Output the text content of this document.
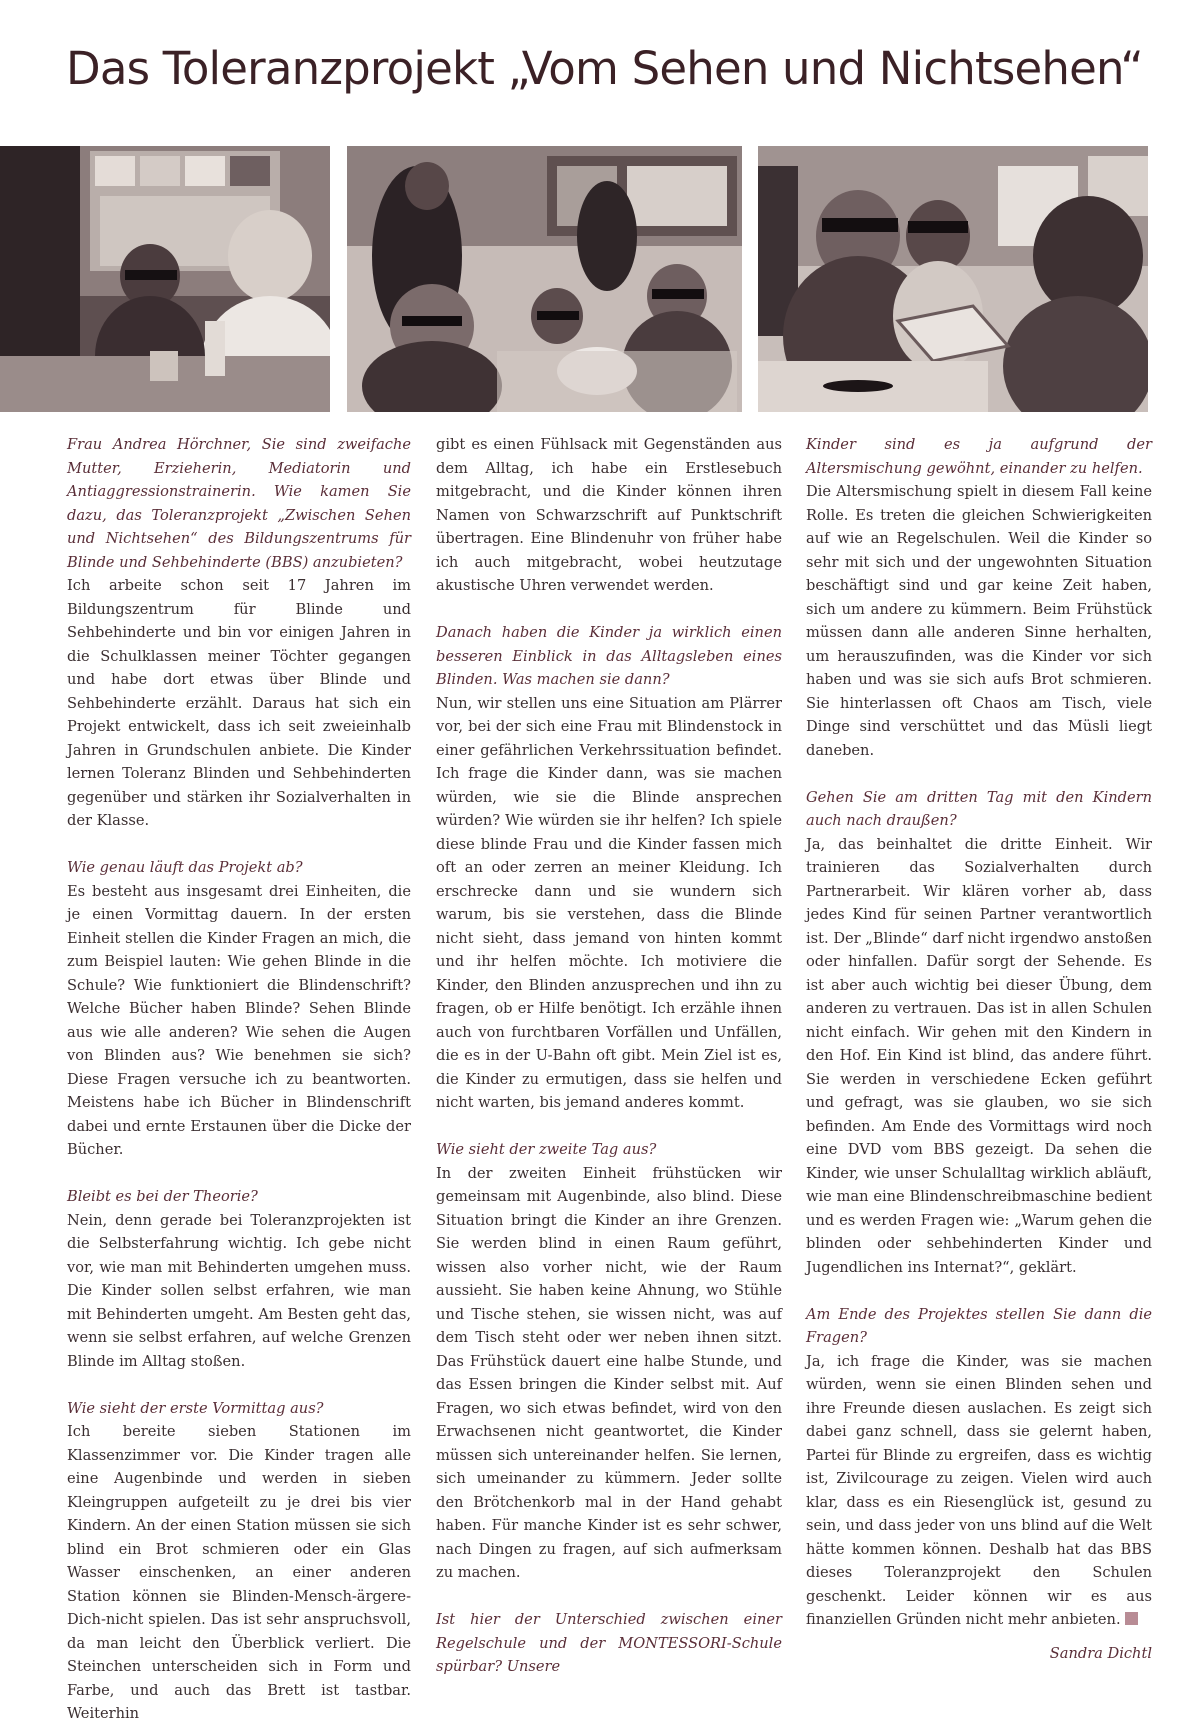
Das Toleranzprojekt „Vom Sehen und Nichtsehen“

Frau Andrea Hörchner, Sie sind zweifache Mutter, Erzieherin, Mediatorin und Antiaggressionstrainerin. Wie kamen Sie dazu, das Toleranzprojekt „Zwischen Sehen und Nichtsehen“ des Bildungszentrums für Blinde und Sehbehinderte (BBS) anzubieten?

Ich arbeite schon seit 17 Jahren im Bildungszentrum für Blinde und Sehbehinderte und bin vor einigen Jahren in die Schulklassen meiner Töchter gegangen und habe dort etwas über Blinde und Sehbehinderte erzählt. Daraus hat sich ein Projekt entwickelt, dass ich seit zweieinhalb Jahren in Grundschulen anbiete. Die Kinder lernen Toleranz Blinden und Sehbehinderten gegenüber und stärken ihr Sozialverhalten in der Klasse.

Wie genau läuft das Projekt ab?

Es besteht aus insgesamt drei Einheiten, die je einen Vormittag dauern. In der ersten Einheit stellen die Kinder Fragen an mich, die zum Beispiel lauten: Wie gehen Blinde in die Schule? Wie funktioniert die Blindenschrift? Welche Bücher haben Blinde? Sehen Blinde aus wie alle anderen? Wie sehen die Augen von Blinden aus? Wie benehmen sie sich? Diese Fragen versuche ich zu beantworten. Meistens habe ich Bücher in Blindenschrift dabei und ernte Erstaunen über die Dicke der Bücher.

Bleibt es bei der Theorie?

Nein, denn gerade bei Toleranzprojekten ist die Selbsterfahrung wichtig. Ich gebe nicht vor, wie man mit Behinderten umgehen muss. Die Kinder sollen selbst erfahren, wie man mit Behinderten umgeht. Am Besten geht das, wenn sie selbst erfahren, auf welche Grenzen Blinde im Alltag stoßen.

Wie sieht der erste Vormittag aus?

Ich bereite sieben Stationen im Klassenzimmer vor. Die Kinder tragen alle eine Augenbinde und werden in sieben Kleingruppen aufgeteilt zu je drei bis vier Kindern. An der einen Station müssen sie sich blind ein Brot schmieren oder ein Glas Wasser einschenken, an einer anderen Station können sie Blinden-Mensch-ärgere-Dich-nicht spielen. Das ist sehr anspruchsvoll, da man leicht den Überblick verliert. Die Steinchen unterscheiden sich in Form und Farbe, und auch das Brett ist tastbar. Weiterhin

gibt es einen Fühlsack mit Gegenständen aus dem Alltag, ich habe ein Erstlesebuch mitgebracht, und die Kinder können ihren Namen von Schwarzschrift auf Punktschrift übertragen. Eine Blindenuhr von früher habe ich auch mitgebracht, wobei heutzutage akustische Uhren verwendet werden.

Danach haben die Kinder ja wirklich einen besseren Einblick in das Alltagsleben eines Blinden. Was machen sie dann?

Nun, wir stellen uns eine Situation am Plärrer vor, bei der sich eine Frau mit Blindenstock in einer gefährlichen Verkehrssituation befindet. Ich frage die Kinder dann, was sie machen würden, wie sie die Blinde ansprechen würden? Wie würden sie ihr helfen? Ich spiele diese blinde Frau und die Kinder fassen mich oft an oder zerren an meiner Kleidung. Ich erschrecke dann und sie wundern sich warum, bis sie verstehen, dass die Blinde nicht sieht, dass jemand von hinten kommt und ihr helfen möchte. Ich motiviere die Kinder, den Blinden anzusprechen und ihn zu fragen, ob er Hilfe benötigt. Ich erzähle ihnen auch von furchtbaren Vorfällen und Unfällen, die es in der U-Bahn oft gibt. Mein Ziel ist es, die Kinder zu ermutigen, dass sie helfen und nicht warten, bis jemand anderes kommt.

Wie sieht der zweite Tag aus?

In der zweiten Einheit frühstücken wir gemeinsam mit Augenbinde, also blind. Diese Situation bringt die Kinder an ihre Grenzen. Sie werden blind in einen Raum geführt, wissen also vorher nicht, wie der Raum aussieht. Sie haben keine Ahnung, wo Stühle und Tische stehen, sie wissen nicht, was auf dem Tisch steht oder wer neben ihnen sitzt. Das Frühstück dauert eine halbe Stunde, und das Essen bringen die Kinder selbst mit. Auf Fragen, wo sich etwas befindet, wird von den Erwachsenen nicht geantwortet, die Kinder müssen sich untereinander helfen. Sie lernen, sich umeinander zu kümmern. Jeder sollte den Brötchenkorb mal in der Hand gehabt haben. Für manche Kinder ist es sehr schwer, nach Dingen zu fragen, auf sich aufmerksam zu machen.

Ist hier der Unterschied zwischen einer Regelschule und der MONTESSORI-Schule spürbar? Unsere

Kinder sind es ja aufgrund der Altersmischung gewöhnt, einander zu helfen.

Die Altersmischung spielt in diesem Fall keine Rolle. Es treten die gleichen Schwierigkeiten auf wie an Regelschulen. Weil die Kinder so sehr mit sich und der ungewohnten Situation beschäftigt sind und gar keine Zeit haben, sich um andere zu kümmern. Beim Frühstück müssen dann alle anderen Sinne herhalten, um herauszufinden, was die Kinder vor sich haben und was sie sich aufs Brot schmieren. Sie hinterlassen oft Chaos am Tisch, viele Dinge sind verschüttet und das Müsli liegt daneben.

Gehen Sie am dritten Tag mit den Kindern auch nach draußen?

Ja, das beinhaltet die dritte Einheit. Wir trainieren das Sozialverhalten durch Partnerarbeit. Wir klären vorher ab, dass jedes Kind für seinen Partner verantwortlich ist. Der „Blinde“ darf nicht irgendwo anstoßen oder hinfallen. Dafür sorgt der Sehende. Es ist aber auch wichtig bei dieser Übung, dem anderen zu vertrauen. Das ist in allen Schulen nicht einfach. Wir gehen mit den Kindern in den Hof. Ein Kind ist blind, das andere führt. Sie werden in verschiedene Ecken geführt und gefragt, was sie glauben, wo sie sich befinden. Am Ende des Vormittags wird noch eine DVD vom BBS gezeigt. Da sehen die Kinder, wie unser Schulalltag wirklich abläuft, wie man eine Blindenschreibmaschine bedient und es werden Fragen wie: „Warum gehen die blinden oder sehbehinderten Kinder und Jugendlichen ins Internat?“, geklärt.

Am Ende des Projektes stellen Sie dann die Fragen?

Ja, ich frage die Kinder, was sie machen würden, wenn sie einen Blinden sehen und ihre Freunde diesen auslachen. Es zeigt sich dabei ganz schnell, dass sie gelernt haben, Partei für Blinde zu ergreifen, dass es wichtig ist, Zivilcourage zu zeigen. Vielen wird auch klar, dass es ein Riesenglück ist, gesund zu sein, und dass jeder von uns blind auf die Welt hätte kommen können. Deshalb hat das BBS dieses Toleranzprojekt den Schulen geschenkt. Leider können wir es aus finanziellen Gründen nicht mehr anbieten.

Sandra Dichtl
